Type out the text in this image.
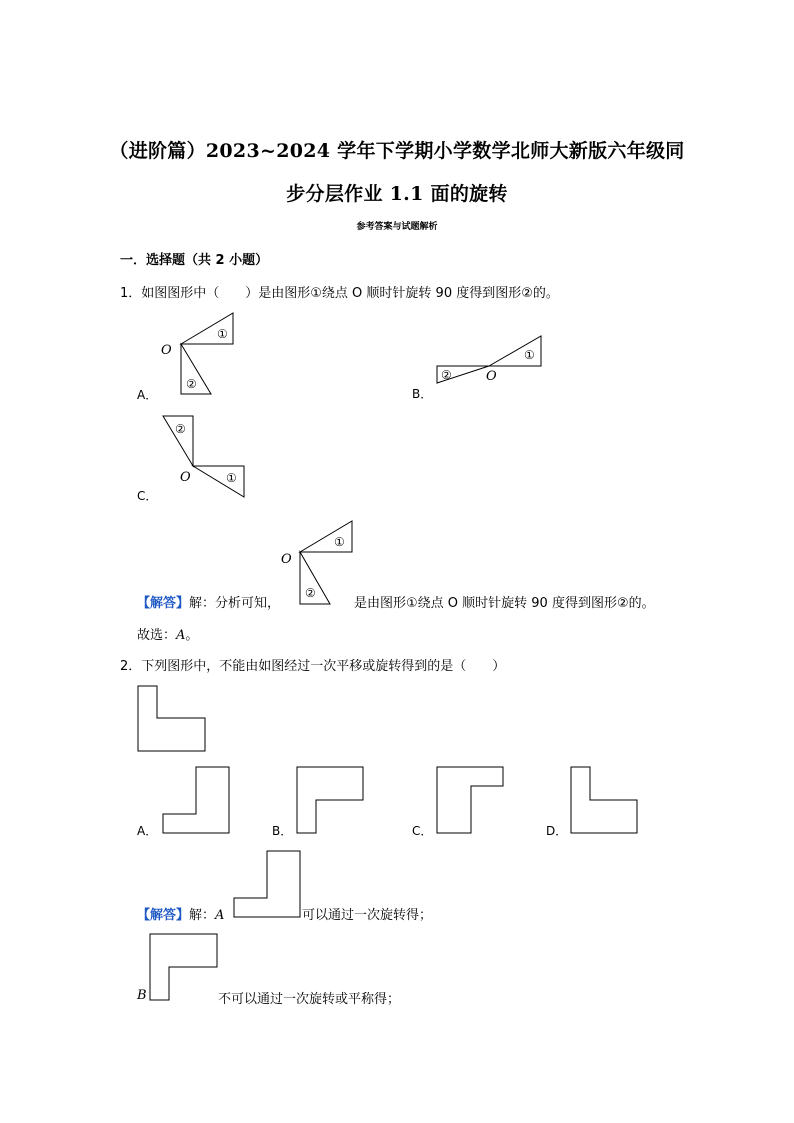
（进阶篇）2023~2024 学年下学期小学数学北师大新版六年级同
步分层作业 1.1 面的旋转
参考答案与试题解析
一．选择题（共 2 小题）
1．如图图形中（　　）是由图形①绕点 O 顺时针旋转 90 度得到图形②的。
A．
O
①
②	O
①
②
O	①
②
O
①
②
B．
C．
【解答】解：分析可知，	是由图形①绕点 O 顺时针旋转 90 度得到图形②的。
故选：A。
2．下列图形中，不能由如图经过一次平移或旋转得到的是（　　）
A．	B．	C．	D．
【解答】解：A	可以通过一次旋转得；
B	不可以通过一次旋转或平称得；
